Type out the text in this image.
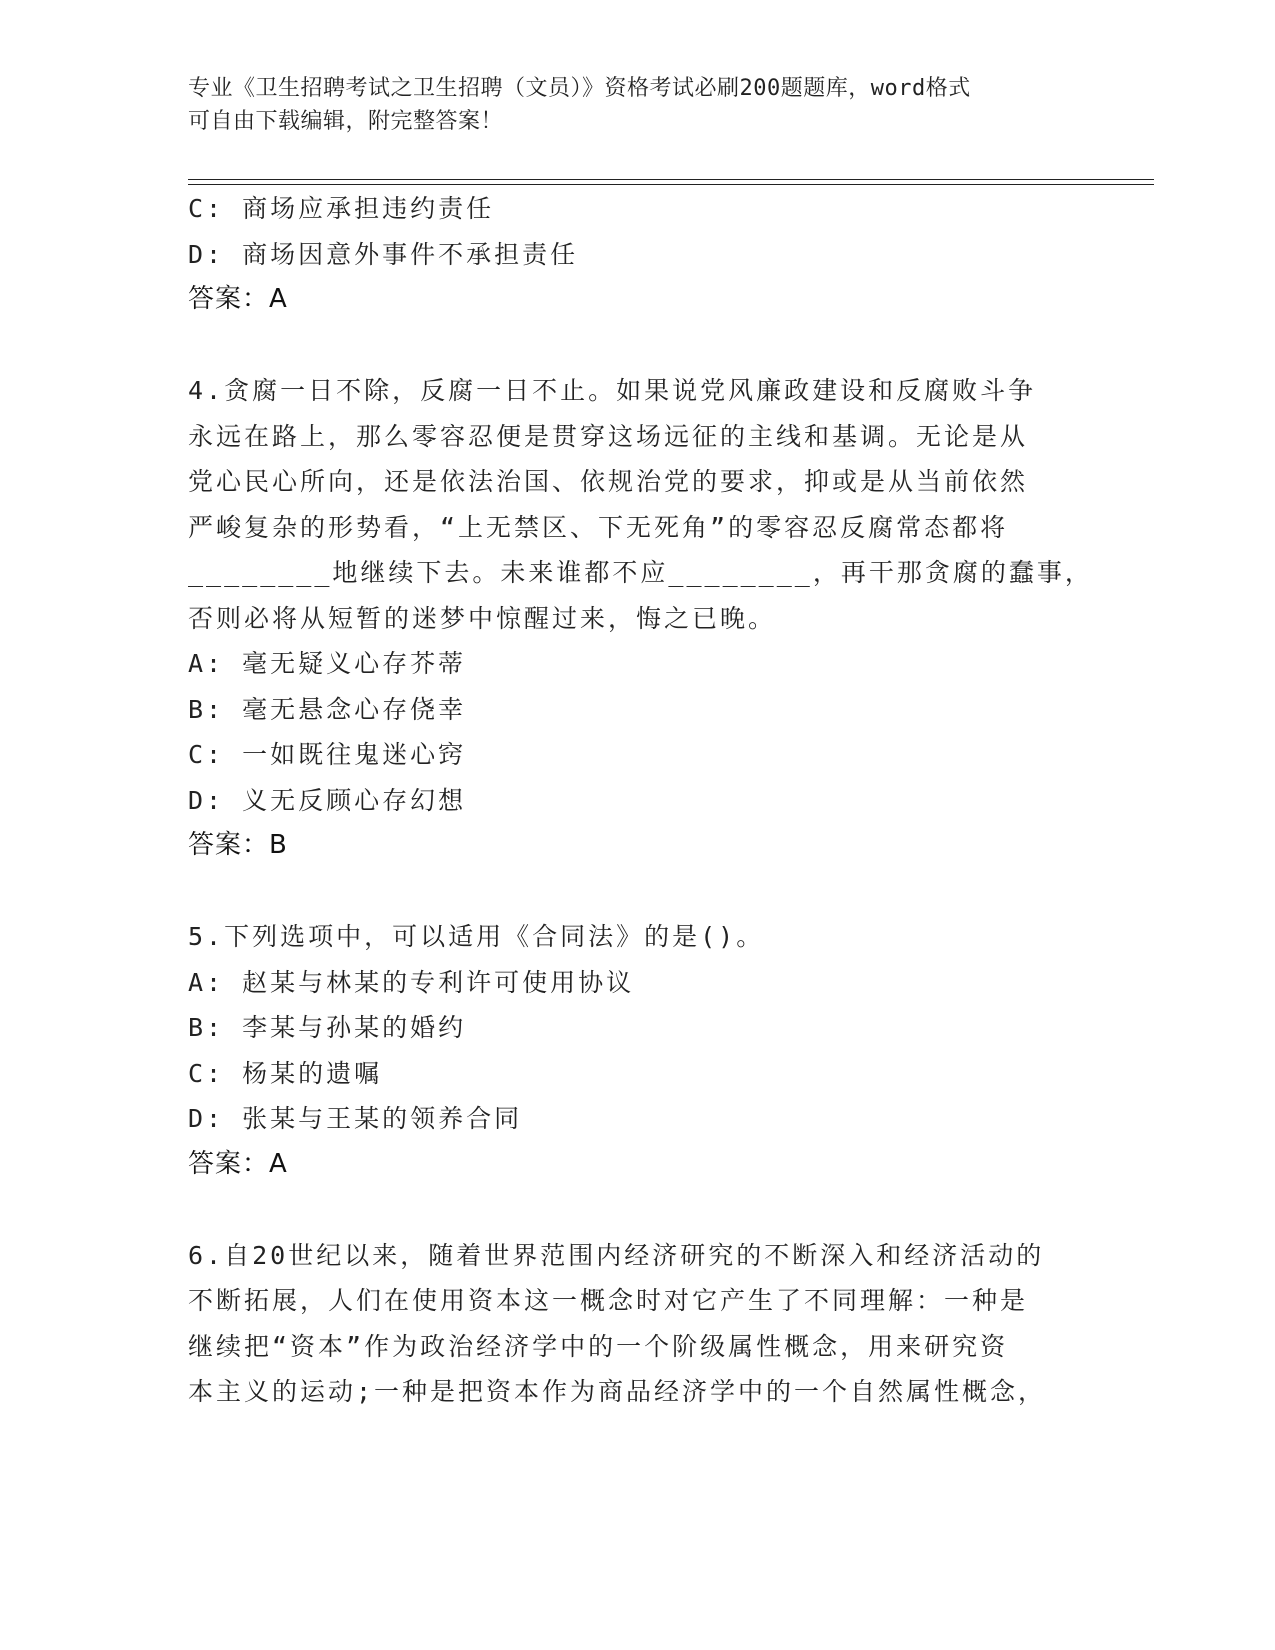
专业《卫生招聘考试之卫生招聘（文员）》资格考试必刷200题题库，word格式
可自由下载编辑，附完整答案！
C: 商场应承担违约责任
D: 商场因意外事件不承担责任
答案：A
4.贪腐一日不除，反腐一日不止。如果说党风廉政建设和反腐败斗争
永远在路上，那么零容忍便是贯穿这场远征的主线和基调。无论是从
党心民心所向，还是依法治国、依规治党的要求，抑或是从当前依然
严峻复杂的形势看，“上无禁区、下无死角”的零容忍反腐常态都将
________地继续下去。未来谁都不应________，再干那贪腐的蠢事，
否则必将从短暂的迷梦中惊醒过来，悔之已晚。
A: 毫无疑义心存芥蒂
B: 毫无悬念心存侥幸
C: 一如既往鬼迷心窍
D: 义无反顾心存幻想
答案：B
5.下列选项中，可以适用《合同法》的是()。
A: 赵某与林某的专利许可使用协议
B: 李某与孙某的婚约
C: 杨某的遗嘱
D: 张某与王某的领养合同
答案：A
6.自20世纪以来，随着世界范围内经济研究的不断深入和经济活动的
不断拓展，人们在使用资本这一概念时对它产生了不同理解：一种是
继续把“资本”作为政治经济学中的一个阶级属性概念，用来研究资
本主义的运动;一种是把资本作为商品经济学中的一个自然属性概念，
